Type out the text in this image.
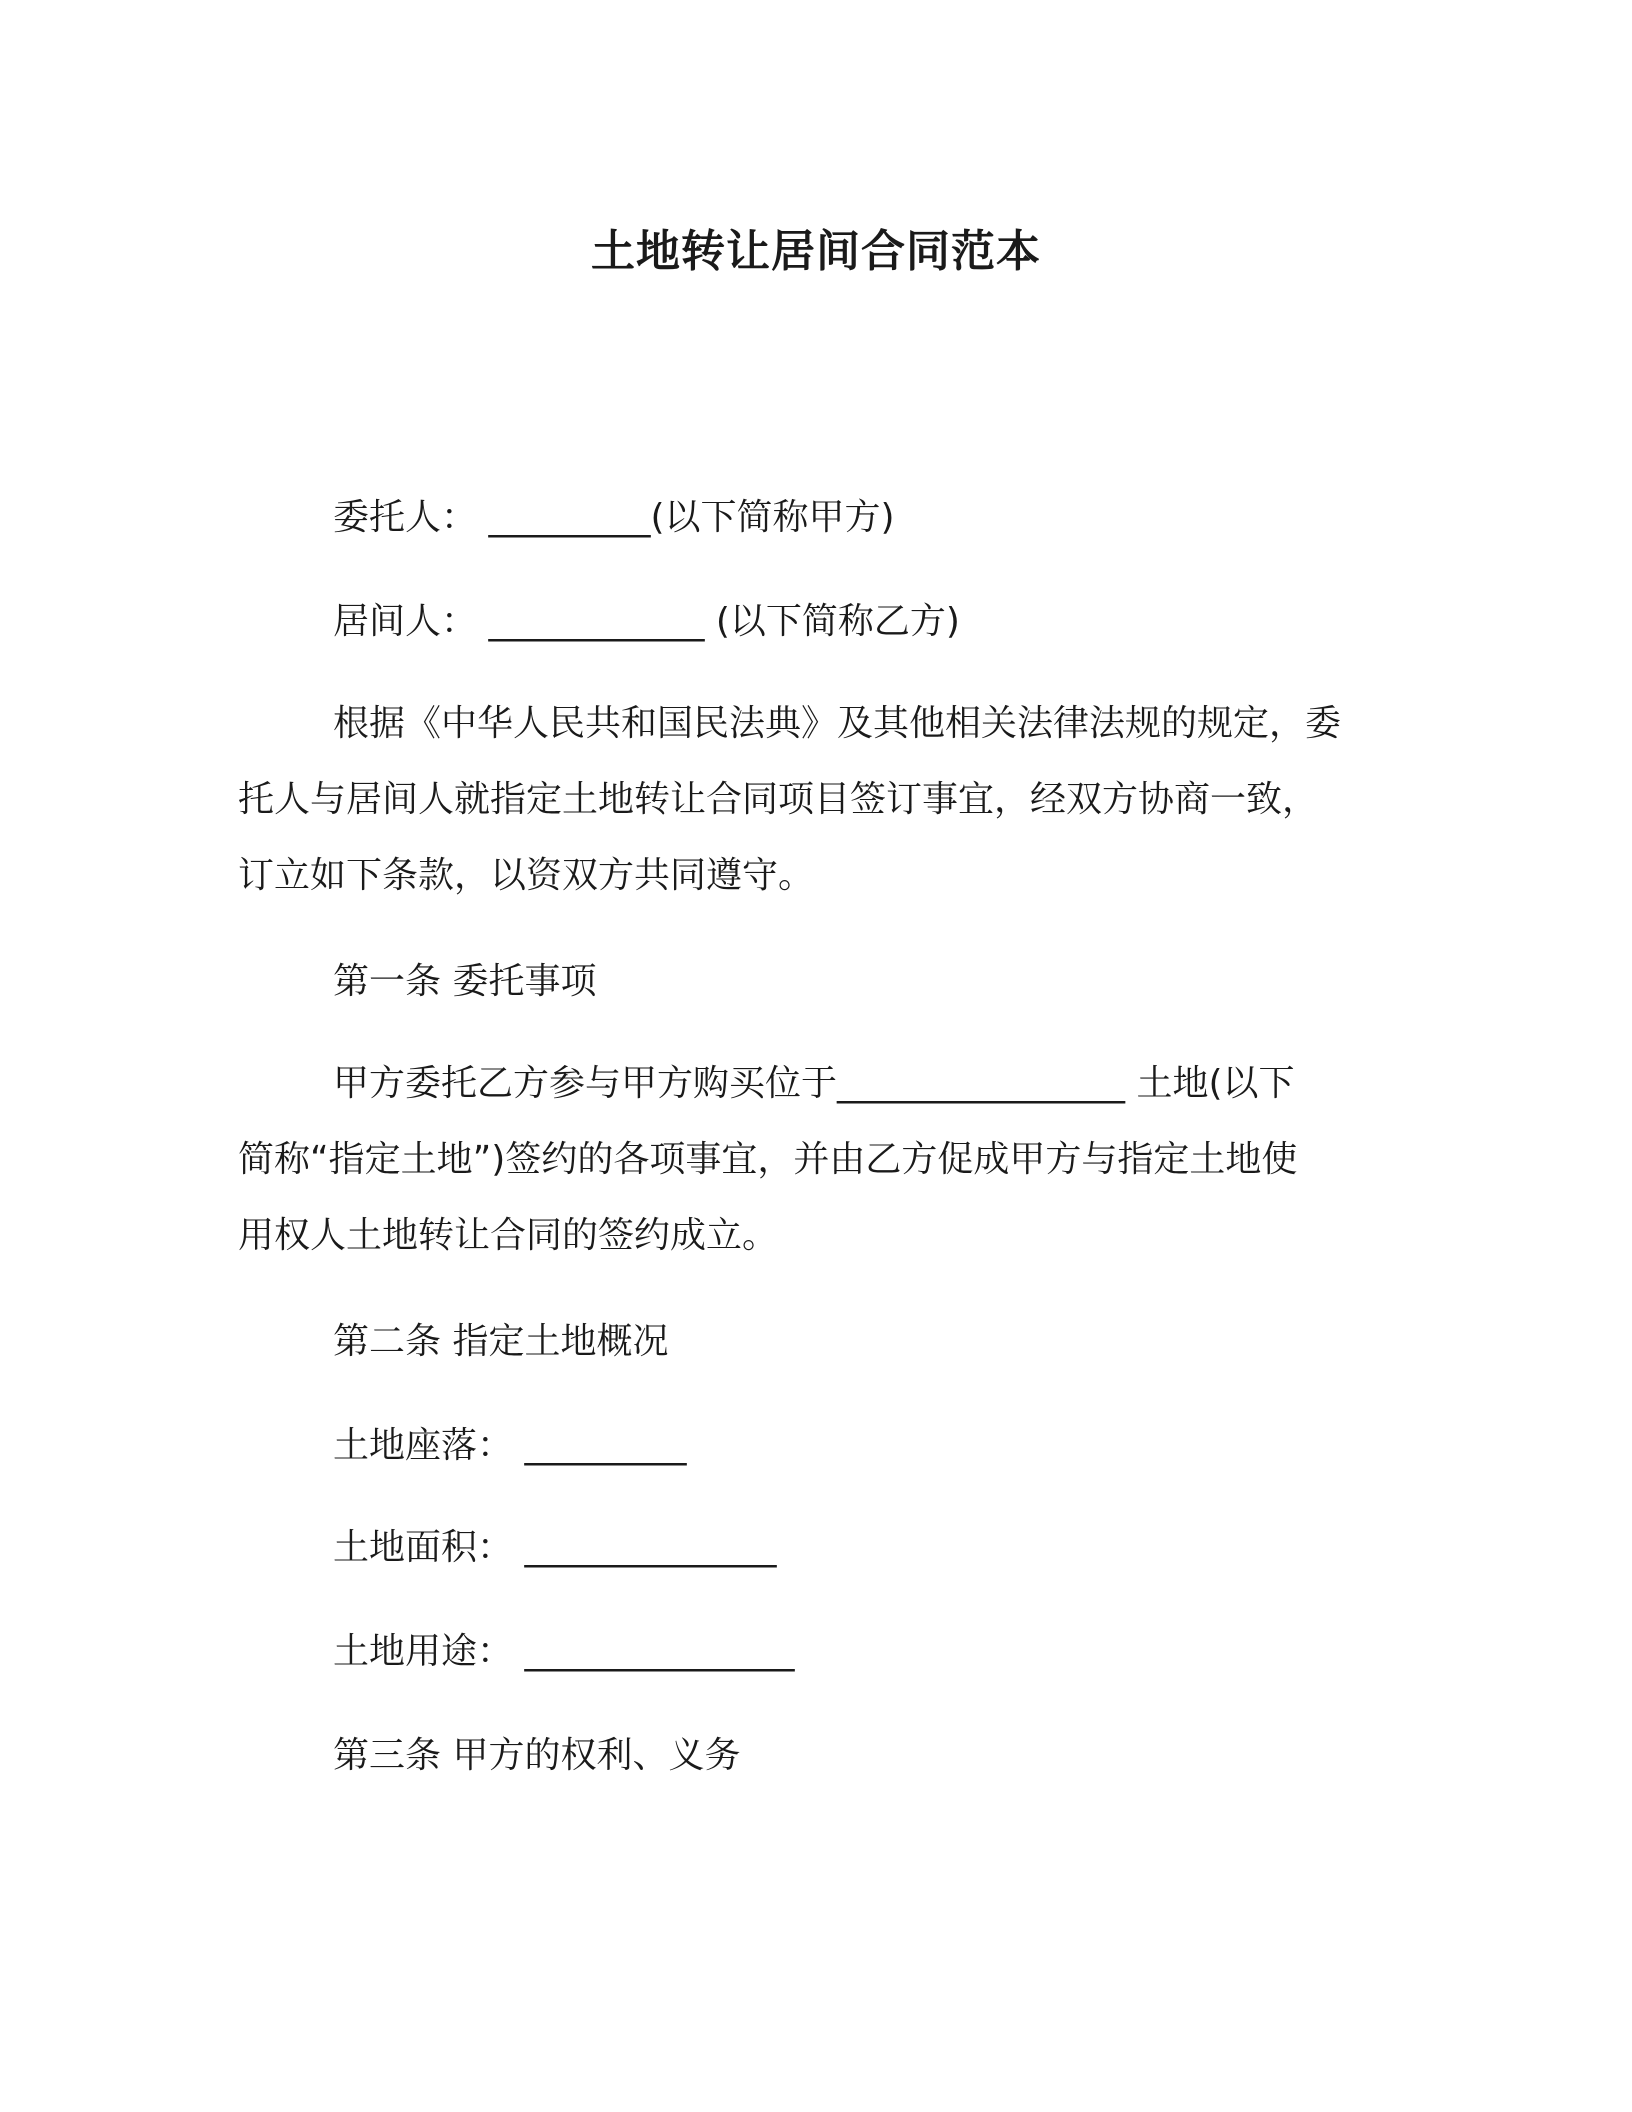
土地转让居间合同范本
委托人： _________(以下简称甲方)
居间人： ____________ (以下简称乙方)
根据《中华人民共和国民法典》及其他相关法律法规的规定，委
托人与居间人就指定土地转让合同项目签订事宜，经双方协商一致，
订立如下条款，以资双方共同遵守。
第一条 委托事项
甲方委托乙方参与甲方购买位于________________ 土地(以下
简称“指定土地”)签约的各项事宜，并由乙方促成甲方与指定土地使
用权人土地转让合同的签约成立。
第二条 指定土地概况
土地座落： _________
土地面积： ______________
土地用途： _______________
第三条 甲方的权利、义务
